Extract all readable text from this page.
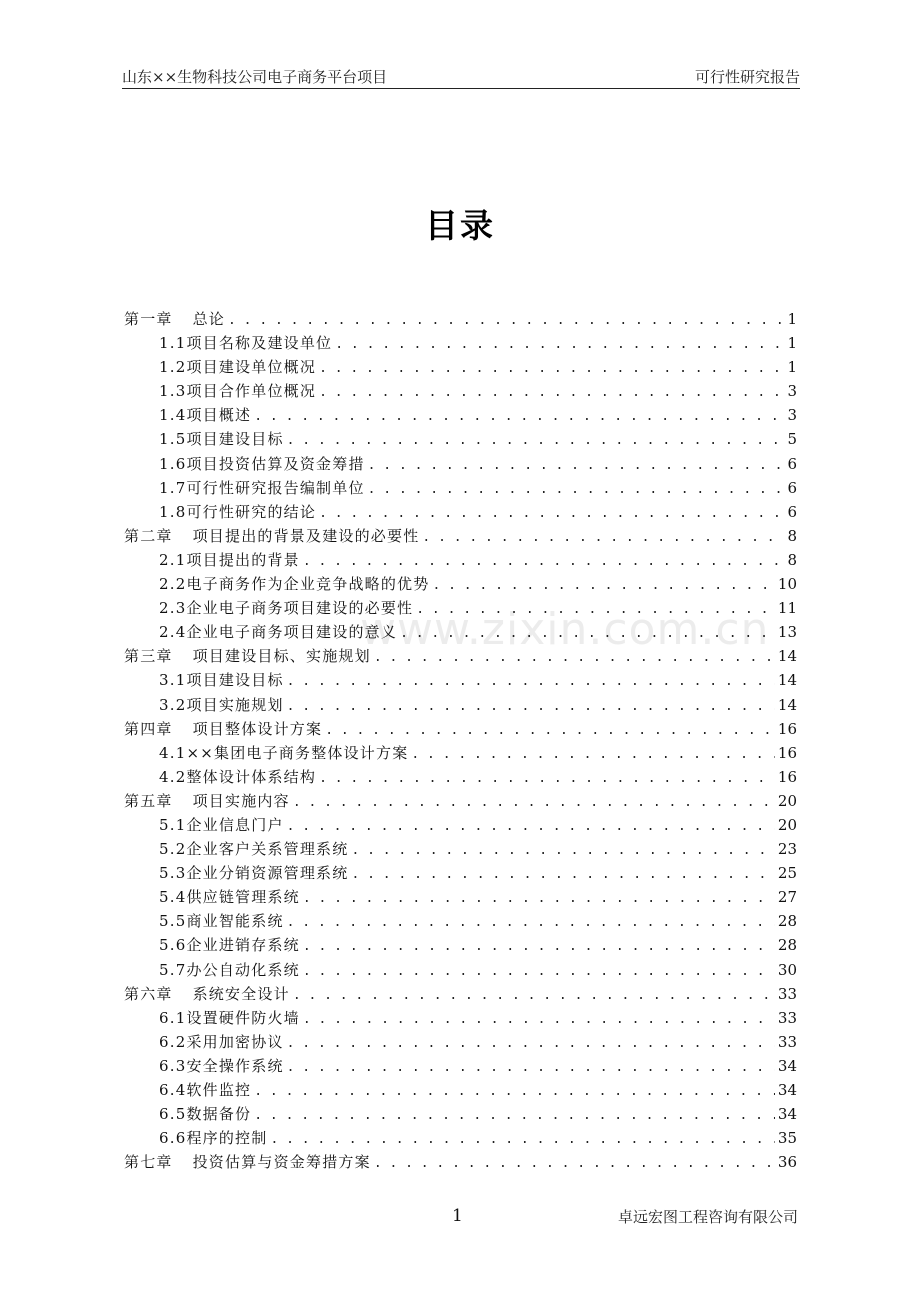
山东××生物科技公司电子商务平台项目	可行性研究报告
目录
www.zixin.com.cn
第一章 总论 . . .	1
1.1项目名称及建设单位 . . .	1
1.2项目建设单位概况 . . .	1
1.3项目合作单位概况 . . .	3
1.4项目概述 . . .	3
1.5项目建设目标 . . .	5
1.6项目投资估算及资金筹措 . . .	6
1.7可行性研究报告编制单位 . . .	6
1.8可行性研究的结论 . . .	6
第二章 项目提出的背景及建设的必要性 . . .	8
2.1项目提出的背景 . . .	8
2.2电子商务作为企业竞争战略的优势 . . .	10
2.3企业电子商务项目建设的必要性 . . .	11
2.4企业电子商务项目建设的意义 . . .	13
第三章 项目建设目标、实施规划 . . .	14
3.1项目建设目标 . . .	14
3.2项目实施规划 . . .	14
第四章 项目整体设计方案 . . .	16
4.1××集团电子商务整体设计方案 . . .	16
4.2整体设计体系结构 . . .	16
第五章 项目实施内容 . . .	20
5.1企业信息门户 . . .	20
5.2企业客户关系管理系统 . . .	23
5.3企业分销资源管理系统 . . .	25
5.4供应链管理系统 . . .	27
5.5商业智能系统 . . .	28
5.6企业进销存系统 . . .	28
5.7办公自动化系统 . . .	30
第六章 系统安全设计 . . .	33
6.1设置硬件防火墙 . . .	33
6.2采用加密协议 . . .	33
6.3安全操作系统 . . .	34
6.4软件监控 . . .	34
6.5数据备份 . . .	34
6.6程序的控制 . . .	35
第七章 投资估算与资金筹措方案 . . .	36
1	卓远宏图工程咨询有限公司
